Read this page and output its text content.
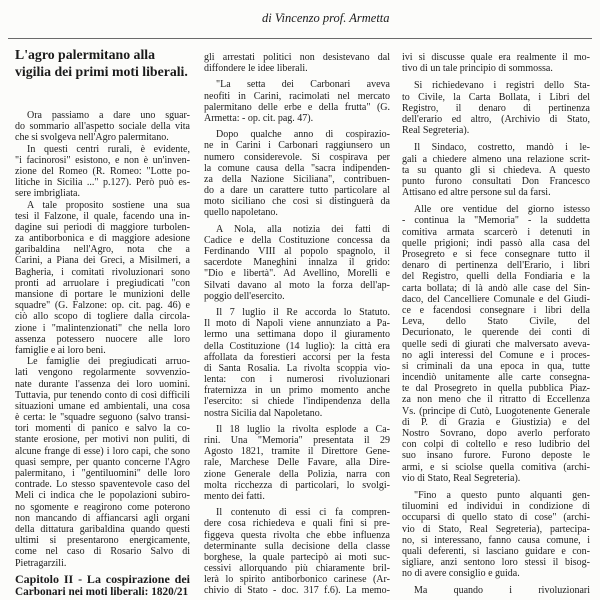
di Vincenzo prof. Armetta
L'agro palermitano alla
vigilia dei primi moti liberali.
Ora passiamo a dare uno sguar-
do sommario all'aspetto sociale della vita
che si svolgeva nell'Agro palermitano.
In questi centri rurali, è evidente,
"i facinorosi" esistono, e non è un'inven-
zione del Romeo (R. Romeo: "Lotte po-
litiche in Sicilia ..." p.127). Però può es-
sere imbrigliata.
A tale proposito sostiene una sua
tesi il Falzone, il quale, facendo una in-
dagine sui periodi di maggiore turbolen-
za antiborbonica e di maggiore adesione
garibaldina nell'Agro, nota che a
Carini, a Piana dei Greci, a Misilmeri, a
Bagheria, i comitati rivoluzionari sono
pronti ad arruolare i pregiudicati "con
mansione di portare le munizioni delle
squadre" (G. Falzone: op. cit. pag. 46) e
ciò allo scopo di togliere dalla circola-
zione i "malintenzionati" che nella loro
assenza potessero nuocere alle loro
famiglie e ai loro beni.
Le famiglie dei pregiudicati arruo-
lati vengono regolarmente sovvenzio-
nate durante l'assenza dei loro uomini.
Tuttavia, pur tenendo conto di così difficili
situazioni umane ed ambientali, una cosa
è certa: le "squadre seguono (salvo transi-
tori momenti di panico e salvo la co-
stante erosione, per motivi non puliti, di
alcune frange di esse) i loro capi, che sono
quasi sempre, per quanto concerne l'Agro
palermitano, i "gentiluomini" delle loro
contrade. Lo stesso spaventevole caso del
Meli ci indica che le popolazioni subiro-
no sgomente e reagirono come poterono
non mancando di affiancarsi agli organi
della dittatura garibaldina quando questi
ultimi si presentarono energicamente,
come nel caso di Rosario Salvo di
Pietragarzili.
Capitolo II - La cospirazione dei
Carbonari nei moti liberali: 1820/21
gli arrestati politici non desistevano dal
diffondere le idee liberali.
"La setta dei Carbonari aveva
neofiti in Carini, racimolati nel mercato
palermitano delle erbe e della frutta" (G.
Armetta: - op. cit. pag. 47).
Dopo qualche anno di cospirazio-
ne in Carini i Carbonari raggiunsero un
numero considerevole. Si cospirava per
la comune causa della "sacra indipenden-
za della Nazione Siciliana", contribuen-
do a dare un carattere tutto particolare al
moto siciliano che così si distinguerà da
quello napoletano.
A Nola, alla notizia dei fatti di
Cadice e della Costituzione concessa da
Ferdinando VIII al popolo spagnolo, il
sacerdote Maneghini innalza il grido:
"Dio e libertà". Ad Avellino, Morelli e
Silvati davano al moto la forza dell'ap-
poggio dell'esercito.
Il 7 luglio il Re accorda lo Statuto.
Il moto di Napoli viene annunziato a Pa-
lermo una settimana dopo il giuramento
della Costituzione (14 luglio): la città era
affollata da forestieri accorsi per la festa
di Santa Rosalia. La rivolta scoppia vio-
lenta: con i numerosi rivoluzionari
fraternizza in un primo momento anche
l'esercito: si chiede l'indipendenza della
nostra Sicilia dal Napoletano.
Il 18 luglio la rivolta esplode a Ca-
rini. Una "Memoria" presentata il 29
Agosto 1821, tramite il Direttore Gene-
rale, Marchese Delle Favare, alla Dire-
zione Generale della Polizia, narra con
molta ricchezza di particolari, lo svolgi-
mento dei fatti.
Il contenuto di essi ci fa compren-
dere cosa richiedeva e quali fini si pre-
figgeva questa rivolta che ebbe influenza
determinante sulla decisione della classe
borghese, la quale partecipò ai moti suc-
cessivi allorquando più chiaramente bril-
lerà lo spirito antiborbonico carinese (Ar-
chivio di Stato - doc. 317 f.6). La memo-
ivi si discusse quale era realmente il mo-
tivo di un tale principio di sommossa.
Si richiedevano i registri dello Sta-
to Civile, la Carta Bollata, i Libri del
Registro, il denaro di pertinenza
dell'erario ed altro, (Archivio di Stato,
Real Segreteria).
Il Sindaco, costretto, mandò i le-
gali a chiedere almeno una relazione scrit-
ta su quanto gli si chiedeva. A questo
punto furono consultati Don Francesco
Attisano ed altre persone sul da farsi.
Alle ore ventidue del giorno istesso
- continua la "Memoria" - la suddetta
comitiva armata scarcerò i detenuti in
quelle prigioni; indi passò alla casa del
Prosegreto e si fece consegnare tutto il
denaro di pertinenza dell'Erario, i libri
del Registro, quelli della Fondiaria e la
carta bollata; di là andò alle case del Sin-
daco, del Cancelliere Comunale e del Giudi-
ce e facendosi consegnare i libri della
Leva, dello Stato Civile, del
Decurionato, le querende dei conti di
quelle sedi di giurati che malversato aveva-
no agli interessi del Comune e i proces-
si criminali da una epoca in qua, tutte
incendiò unitamente alle carte consegna-
te dal Prosegreto in quella pubblica Piaz-
za non meno che il ritratto di Eccellenza
Vs. (principe di Cutò, Luogotenente Generale
di P. di Grazia e Giustizia) e del
Nostro Sovrano, dopo averlo perforato
con colpi di coltello e reso ludibrio del
suo insano furore. Furono deposte le
armi, e si sciolse quella comitiva (archi-
vio di Stato, Real Segreteria).
"Fino a questo punto alquanti gen-
tiluomini ed individui in condizione di
occuparsi di quello stato di cose" (archi-
vio di Stato, Real Segreteria), partecipa-
no, si interessano, fanno causa comune, i
quali deferenti, si lasciano guidare e con-
sigliare, anzi sentono loro stessi il bisog-
no di avere consiglio e guida.
Ma quando i rivoluzionari
